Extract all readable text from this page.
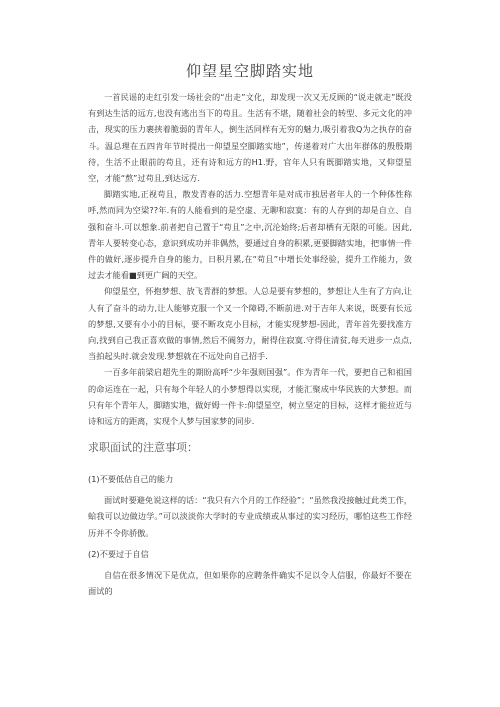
仰望星空脚踏实地

一首民谣的走红引发一场社会的“出走”文化，却发现一次又无反顾的“说走就走”既没有到达生活的远方,也没有逃出当下的苟且。生活有不堪，随着社会的转型、多元文化的冲击，现实的压力裹挟着脆弱的青年人，倒生活同样有无穷的魅力,吸引着我Q为之执存的奋斗。温总理在五四肯年节时提出一仰望星空脚踏实地”，传递着对广大出年群体的殷殷期待，生活不止眼前的苟且，还有诗和远方的H1.野，官年人只有既脚踏实地，又仰望星空，才能“熬”过苟且,到达远方.

脚踏实地,正视苟且，散发青春的活力.空想青年是对成市独居者年人的一个种体性称呼,然而同为空梁??年.有的人能看到的是空虚、无聊和寂寞：有的人存到的却是自立、自强和奋斗.可以想象.前者把自己置于“苟且”之中,沉沦始终;后者却栖有无限的可能。因此,青年人要转变心态，意识到成功并非偶然，要通过自身的积累,更要脚踏实地，把事情一件件的做好,逐步提升自身的能力，日积月累,在“苟且”中增长处事经验，提升工作能力，敛过去才能看■到更广阔的天空。

仰望星空，怀抱梦想、放飞青群的梦想。人总是要有梦想的，梦想让人生有了方向,让人有了奋斗的动力,让人能够克服一个又一个障碍,不断前进.对于吉年人来说，既要有长远的梦想,又要有小小的目标，要不断攻克小目标，才能实现梦想-因此，青年首先要找准方向,找到自己我正喜欢做的事情,然后不阍努力，耐得住寂寞.守得住清贫,每天进步一点点,当拍起头时.就会发现.梦想就在不远处向自己招手.

一百多年前梁启超先生的期盼高呼“少年强则国强”。作为青年一代，要把自己和祖国的命运连在一起，只有每个年轻人的小梦想得以实现，才能汇聚成中华民族的大梦想。而只有年个青年人，脚踏实地，做好姆一件卡:仰望星空，树立坚定的目标，这样才能拉近与诗和远方的距离，实现个人梦与国家梦的同步.

求职面试的注意事项：

(1)不要低估自己的能力

面试时要避免说这样的话：“我只有六个月的工作经验”；“虽然我没接触过此类工作，蛤我可以边做边学。”可以淡淡你大学时的专业成绩或从事过的实习经历，哪怕这些工作经历并不令你骄傲。

(2)不要过于自信

自信在很多情况下是优点，但如果你的应聘条件确实不足以令人信服，你最好不要在面试的
